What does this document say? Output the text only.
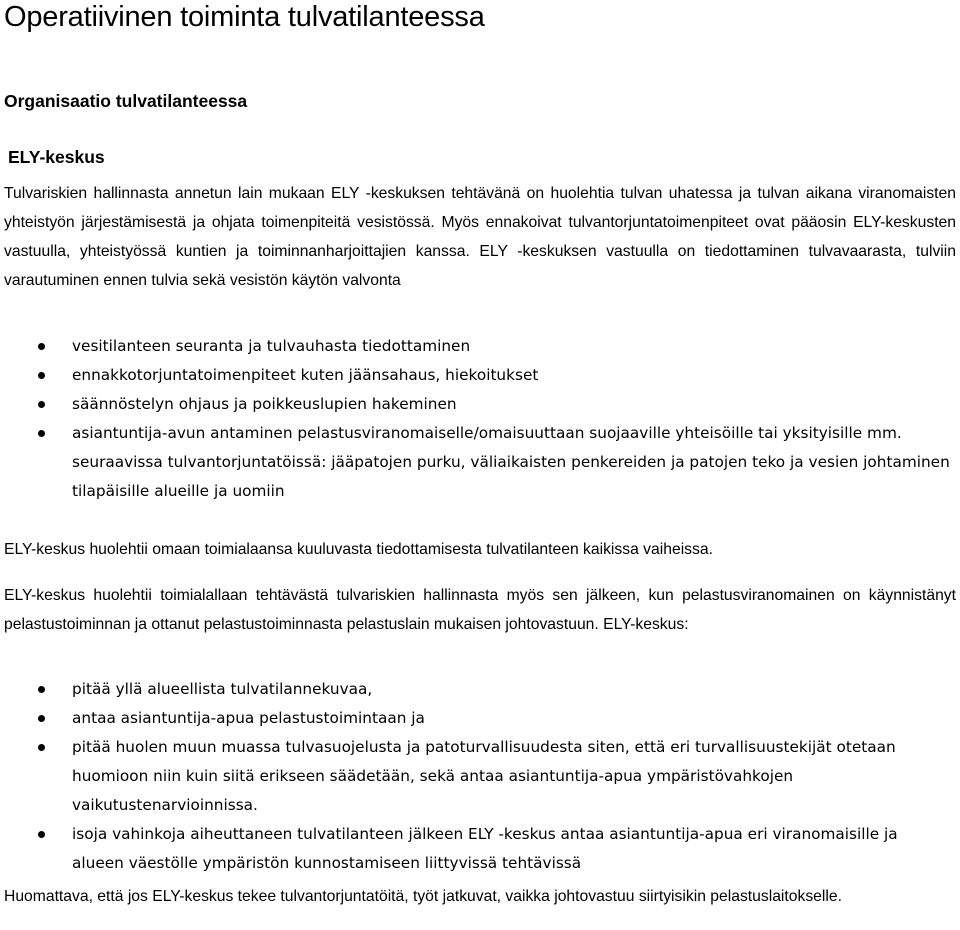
Operatiivinen toiminta tulvatilanteessa
Organisaatio tulvatilanteessa
ELY-keskus

Tulvariskien hallinnasta annetun lain mukaan ELY -keskuksen tehtävänä on huolehtia tulvan uhatessa ja tulvan aikana viranomaisten yhteistyön järjestämisestä ja ohjata toimenpiteitä vesistössä. Myös ennakoivat tulvantorjuntatoimenpiteet ovat pääosin ELY-keskusten vastuulla, yhteistyössä kuntien ja toiminnanharjoittajien kanssa. ELY -keskuksen vastuulla on tiedottaminen tulvavaarasta, tulviin varautuminen ennen tulvia sekä vesistön käytön valvonta

vesitilanteen seuranta ja tulvauhasta tiedottaminen
ennakkotorjuntatoimenpiteet kuten jäänsahaus, hiekoitukset
säännöstelyn ohjaus ja poikkeuslupien hakeminen
asiantuntija-avun antaminen pelastusviranomaiselle/omaisuuttaan suojaaville yhteisöille tai yksityisille mm. seuraavissa tulvantorjuntatöissä: jääpatojen purku, väliaikaisten penkereiden ja patojen teko ja vesien johtaminen tilapäisille alueille ja uomiin

ELY-keskus huolehtii omaan toimialaansa kuuluvasta tiedottamisesta tulvatilanteen kaikissa vaiheissa.

ELY-keskus huolehtii toimialallaan tehtävästä tulvariskien hallinnasta myös sen jälkeen, kun pelastusviranomainen on käynnistänyt pelastustoiminnan ja ottanut pelastustoiminnasta pelastuslain mukaisen johtovastuun. ELY-keskus:

pitää yllä alueellista tulvatilannekuvaa,
antaa asiantuntija-apua pelastustoimintaan ja
pitää huolen muun muassa tulvasuojelusta ja patoturvallisuudesta siten, että eri turvallisuustekijät otetaan huomioon niin kuin siitä erikseen säädetään, sekä antaa asiantuntija-apua ympäristövahkojen vaikutustenarvioinnissa.
isoja vahinkoja aiheuttaneen tulvatilanteen jälkeen ELY -keskus antaa asiantuntija-apua eri viranomaisille ja alueen väestölle ympäristön kunnostamiseen liittyvissä tehtävissä

Huomattava, että jos ELY-keskus tekee tulvantorjuntatöitä, työt jatkuvat, vaikka johtovastuu siirtyisikin pelastuslaitokselle.
